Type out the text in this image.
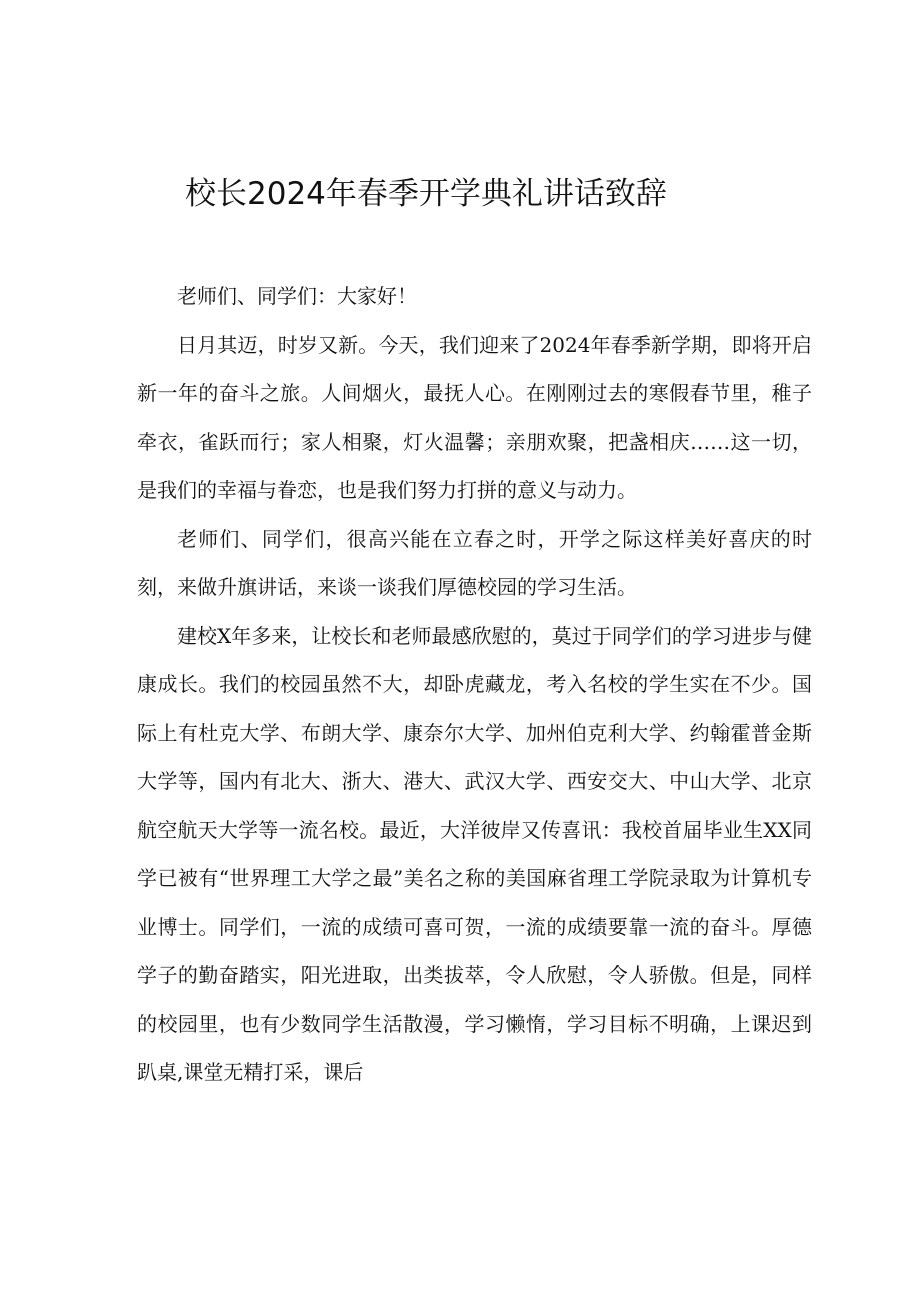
校长2024年春季开学典礼讲话致辞

老师们、同学们：大家好！

日月其迈，时岁又新。今天，我们迎来了2024年春季新学期，即将开启新一年的奋斗之旅。人间烟火，最抚人心。在刚刚过去的寒假春节里，稚子牵衣，雀跃而行；家人相聚，灯火温馨；亲朋欢聚，把盏相庆……这一切，是我们的幸福与眷恋，也是我们努力打拼的意义与动力。

老师们、同学们，很高兴能在立春之时，开学之际这样美好喜庆的时刻，来做升旗讲话，来谈一谈我们厚德校园的学习生活。

建校X年多来，让校长和老师最感欣慰的，莫过于同学们的学习进步与健康成长。我们的校园虽然不大，却卧虎藏龙，考入名校的学生实在不少。国际上有杜克大学、布朗大学、康奈尔大学、加州伯克利大学、约翰霍普金斯大学等，国内有北大、浙大、港大、武汉大学、西安交大、中山大学、北京航空航天大学等一流名校。最近，大洋彼岸又传喜讯：我校首届毕业生XX同学已被有“世界理工大学之最”美名之称的美国麻省理工学院录取为计算机专业博士。同学们，一流的成绩可喜可贺，一流的成绩要靠一流的奋斗。厚德学子的勤奋踏实，阳光进取，出类拔萃，令人欣慰，令人骄傲。但是，同样的校园里，也有少数同学生活散漫，学习懒惰，学习目标不明确，上课迟到趴桌,课堂无精打采，课后
